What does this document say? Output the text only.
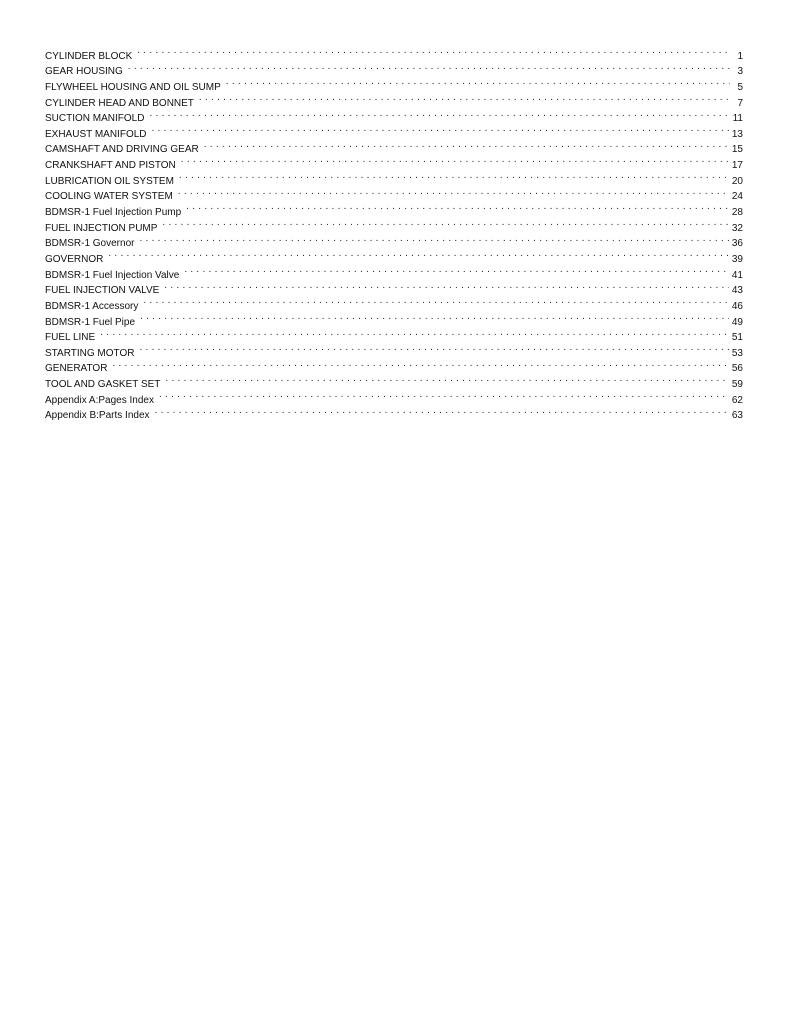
CYLINDER BLOCK . . .	1
GEAR HOUSING . . .	3
FLYWHEEL HOUSING AND OIL SUMP . . .	5
CYLINDER HEAD AND BONNET . . .	7
SUCTION MANIFOLD . . .	11
EXHAUST MANIFOLD . . .	13
CAMSHAFT AND DRIVING GEAR . . .	15
CRANKSHAFT AND PISTON . . .	17
LUBRICATION OIL SYSTEM . . .	20
COOLING WATER SYSTEM . . .	24
BDMSR-1 Fuel Injection Pump . . .	28
FUEL INJECTION PUMP . . .	32
BDMSR-1 Governor . . .	36
GOVERNOR . . .	39
BDMSR-1 Fuel Injection Valve . . .	41
FUEL INJECTION VALVE . . .	43
BDMSR-1 Accessory . . .	46
BDMSR-1 Fuel Pipe . . .	49
FUEL LINE . . .	51
STARTING MOTOR . . .	53
GENERATOR . . .	56
TOOL AND GASKET SET . . .	59
Appendix A:Pages Index . . .	62
Appendix B:Parts Index . . .	63
